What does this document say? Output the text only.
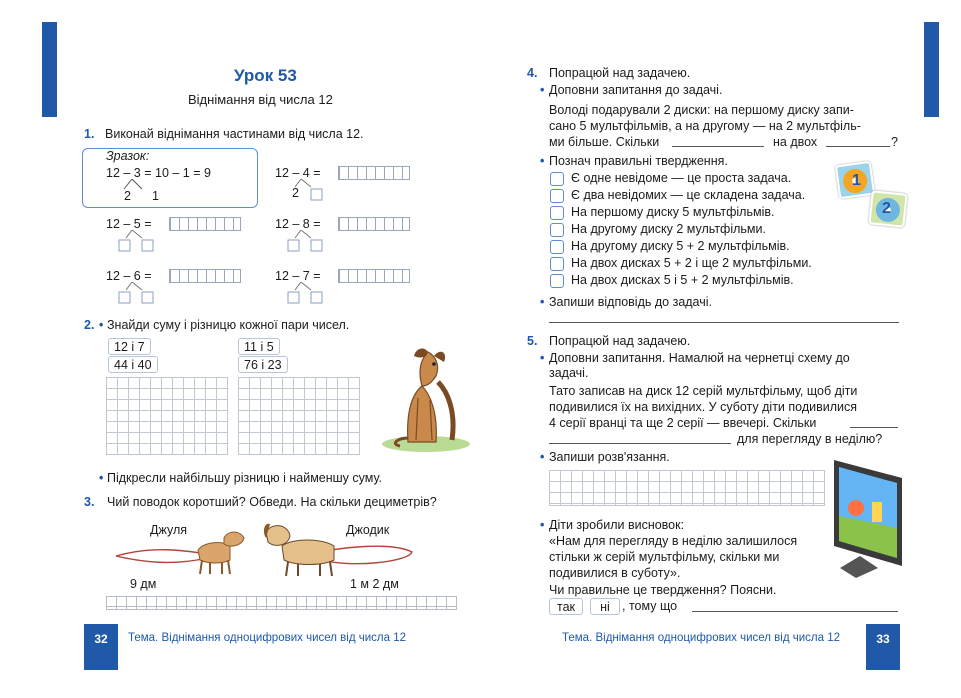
Урок 53
Віднімання від числа 12
1. Виконай віднімання частинами від числа 12.
Зразок:
12 – 3 = 10 – 1 = 9
2 1
12 – 4 =
2
12 – 5 =	12 – 8 =
12 – 6 =	12 – 7 =
2. • Знайди суму і різницю кожної пари чисел.
12 і 7
44 і 40
11 і 5
76 і 23
• Підкресли найбільшу різницю і найменшу суму.
3. Чий поводок коротший? Обведи. На скільки дециметрів?
Джуля	Джодик
9 дм	1 м 2 дм
32	Тема. Віднімання одноцифрових чисел від числа 12
4. Попрацюй над задачею.
• Доповни запитання до задачі.
Володі подарували 2 диски: на першому диску запи-
сано 5 мультфільмів, а на другому — на 2 мультфіль-
ми більше. Скільки	на двох	?
• Познач правильні твердження.
Є одне невідоме — це проста задача.
Є два невідомих — це складена задача.
На першому диску 5 мультфільмів.
На другому диску 2 мультфільми.
На другому диску 5 + 2 мультфільмів.
На двох дисках 5 + 2 і ще 2 мультфільми.
На двох дисках 5 і 5 + 2 мультфільмів.
1
2
• Запиши відповідь до задачі.
5. Попрацюй над задачею.
• Доповни запитання. Намалюй на чернетці схему до
задачі.
Тато записав на диск 12 серій мультфільму, щоб діти
подивилися їх на вихідних. У суботу діти подивилися
4 серії вранці та ще 2 серії — ввечері. Скільки
для перегляду в неділю?
• Запиши розв'язання.
• Діти зробили висновок:
«Нам для перегляду в неділю залишилося
стільки ж серій мультфільму, скільки ми
подивилися в суботу».
Чи правильне це твердження? Поясни.
так	ні , тому що
Тема. Віднімання одноцифрових чисел від числа 12	33
